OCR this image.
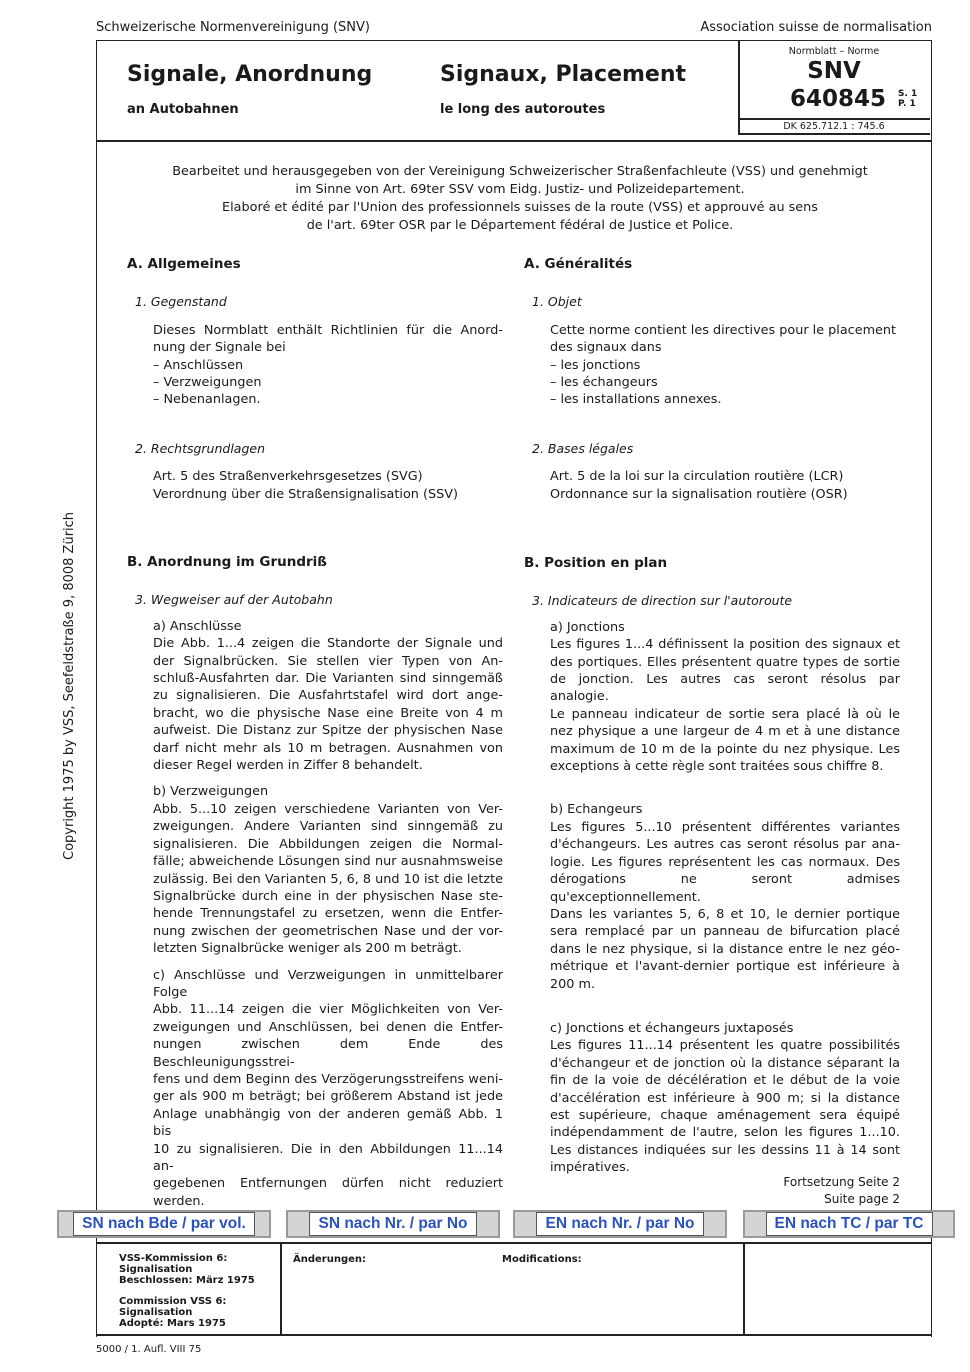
Schweizerische Normenvereinigung (SNV)	Association suisse de normalisation
Signale, Anordnung
an Autobahnen
Signaux, Placement
le long des autoroutes
Normblatt – Norme
SNV
640845 S. 1
P. 1
DK 625.712.1 : 745.6
Bearbeitet und herausgegeben von der Vereinigung Schweizerischer Straßenfachleute (VSS) und genehmigt
im Sinne von Art. 69ter SSV vom Eidg. Justiz- und Polizeidepartement.
Elaboré et édité par l'Union des professionnels suisses de la route (VSS) et approuvé au sens
de l'art. 69ter OSR par le Département fédéral de Justice et Police.
A. Allgemeines
1. Gegenstand
Dieses Normblatt enthält Richtlinien für die Anord-
nung der Signale bei
– Anschlüssen
– Verzweigungen
– Nebenanlagen.
2. Rechtsgrundlagen
Art. 5 des Straßenverkehrsgesetzes (SVG)
Verordnung über die Straßensignalisation (SSV)
B. Anordnung im Grundriß
3. Wegweiser auf der Autobahn
a) Anschlüsse
Die Abb. 1...4 zeigen die Standorte der Signale und
der Signalbrücken. Sie stellen vier Typen von An-
schluß-Ausfahrten dar. Die Varianten sind sinngemäß
zu signalisieren. Die Ausfahrtstafel wird dort ange-
bracht, wo die physische Nase eine Breite von 4 m
aufweist. Die Distanz zur Spitze der physischen Nase
darf nicht mehr als 10 m betragen. Ausnahmen von
dieser Regel werden in Ziffer 8 behandelt.
b) Verzweigungen
Abb. 5...10 zeigen verschiedene Varianten von Ver-
zweigungen. Andere Varianten sind sinngemäß zu
signalisieren. Die Abbildungen zeigen die Normal-
fälle; abweichende Lösungen sind nur ausnahmsweise
zulässig. Bei den Varianten 5, 6, 8 und 10 ist die letzte
Signalbrücke durch eine in der physischen Nase ste-
hende Trennungstafel zu ersetzen, wenn die Entfer-
nung zwischen der geometrischen Nase und der vor-
letzten Signalbrücke weniger als 200 m beträgt.
c) Anschlüsse und Verzweigungen in unmittelbarer
Folge
Abb. 11...14 zeigen die vier Möglichkeiten von Ver-
zweigungen und Anschlüssen, bei denen die Entfer-
nungen zwischen dem Ende des Beschleunigungsstrei-
fens und dem Beginn des Verzögerungsstreifens weni-
ger als 900 m beträgt; bei größerem Abstand ist jede
Anlage unabhängig von der anderen gemäß Abb. 1 bis
10 zu signalisieren. Die in den Abbildungen 11...14 an-
gegebenen Entfernungen dürfen nicht reduziert werden.
A. Généralités
1. Objet
Cette norme contient les directives pour le placement
des signaux dans
– les jonctions
– les échangeurs
– les installations annexes.
2. Bases légales
Art. 5 de la loi sur la circulation routière (LCR)
Ordonnance sur la signalisation routière (OSR)
B. Position en plan
3. Indicateurs de direction sur l'autoroute
a) Jonctions
Les figures 1...4 définissent la position des signaux et
des portiques. Elles présentent quatre types de sortie
de jonction. Les autres cas seront résolus par analogie.
Le panneau indicateur de sortie sera placé là où le
nez physique a une largeur de 4 m et à une distance
maximum de 10 m de la pointe du nez physique. Les
exceptions à cette règle sont traitées sous chiffre 8.
b) Echangeurs
Les figures 5...10 présentent différentes variantes
d'échangeurs. Les autres cas seront résolus par ana-
logie. Les figures représentent les cas normaux. Des
dérogations ne seront admises qu'exceptionnellement.
Dans les variantes 5, 6, 8 et 10, le dernier portique
sera remplacé par un panneau de bifurcation placé
dans le nez physique, si la distance entre le nez géo-
métrique et l'avant-dernier portique est inférieure à
200 m.
c) Jonctions et échangeurs juxtaposés
Les figures 11...14 présentent les quatre possibilités
d'échangeur et de jonction où la distance séparant la
fin de la voie de décélération et le début de la voie
d'accélération est inférieure à 900 m; si la distance
est supérieure, chaque aménagement sera équipé
indépendamment de l'autre, selon les figures 1...10.
Les distances indiquées sur les dessins 11 à 14 sont
impératives.
Fortsetzung Seite 2
Suite page 2
SN nach Bde / par vol.	SN nach Nr. / par No	EN nach Nr. / par No	EN nach TC / par TC
VSS-Kommission 6:
Signalisation
Beschlossen: März 1975
Commission VSS 6:
Signalisation
Adopté: Mars 1975
Änderungen:	Modifications:
5000 / 1. Aufl. VIII 75
Copyright 1975 by VSS, Seefeldstraße 9, 8008 Zürich
